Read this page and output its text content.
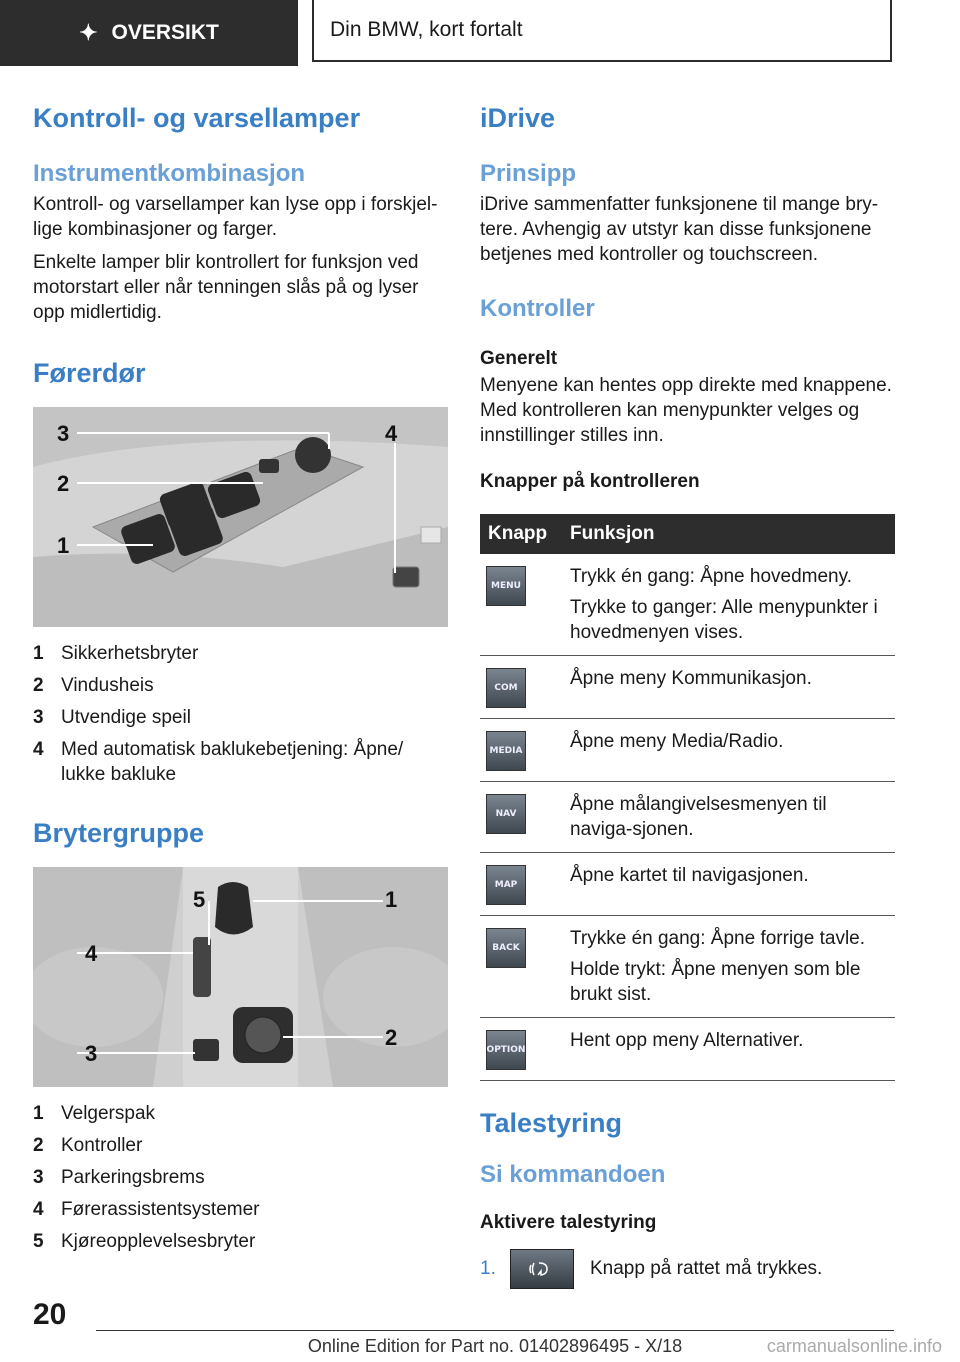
✦ OVERSIKT	Din BMW, kort fortalt
Kontroll- og varsellamper
Instrumentkombinasjon

Kontroll- og varsellamper kan lyse opp i forskjel-lige kombinasjoner og farger.

Enkelte lamper blir kontrollert for funksjon ved motorstart eller når tenningen slås på og lyser opp midlertidig.

Førerdør
3
2
1
4
1 Sikkerhetsbryter
2 Vindusheis
3 Utvendige speil
4 Med automatisk baklukebetjening: Åpne/ lukke bakluke
Brytergruppe
5	1
4
2
3
1 Velgerspak
2 Kontroller
3 Parkeringsbrems
4 Førerassistentsystemer
5 Kjøreopplevelsesbryter
iDrive
Prinsipp

iDrive sammenfatter funksjonene til mange bry-tere. Avhengig av utstyr kan disse funksjonene betjenes med kontroller og touchscreen.

Kontroller
Generelt

Menyene kan hentes opp direkte med knappene. Med kontrolleren kan menypunkter velges og innstillinger stilles inn.

Knapper på kontrolleren
Knapp	Funksjon

MENU	Trykk én gang: Åpne hovedmeny.

Trykke to ganger: Alle menypunkter i hovedmenyen vises.

COM	Åpne meny Kommunikasjon.

MEDIA	Åpne meny Media/Radio.

NAV	Åpne målangivelsesmenyen til naviga-sjonen.

MAP	Åpne kartet til navigasjonen.

BACK	Trykke én gang: Åpne forrige tavle.

Holde trykt: Åpne menyen som ble brukt sist.

OPTION	Hent opp meny Alternativer.

Talestyring
Si kommandoen
Aktivere talestyring
1.	Knapp på rattet må trykkes.
20
Online Edition for Part no. 01402896495 - X/18	carmanualsonline.info
